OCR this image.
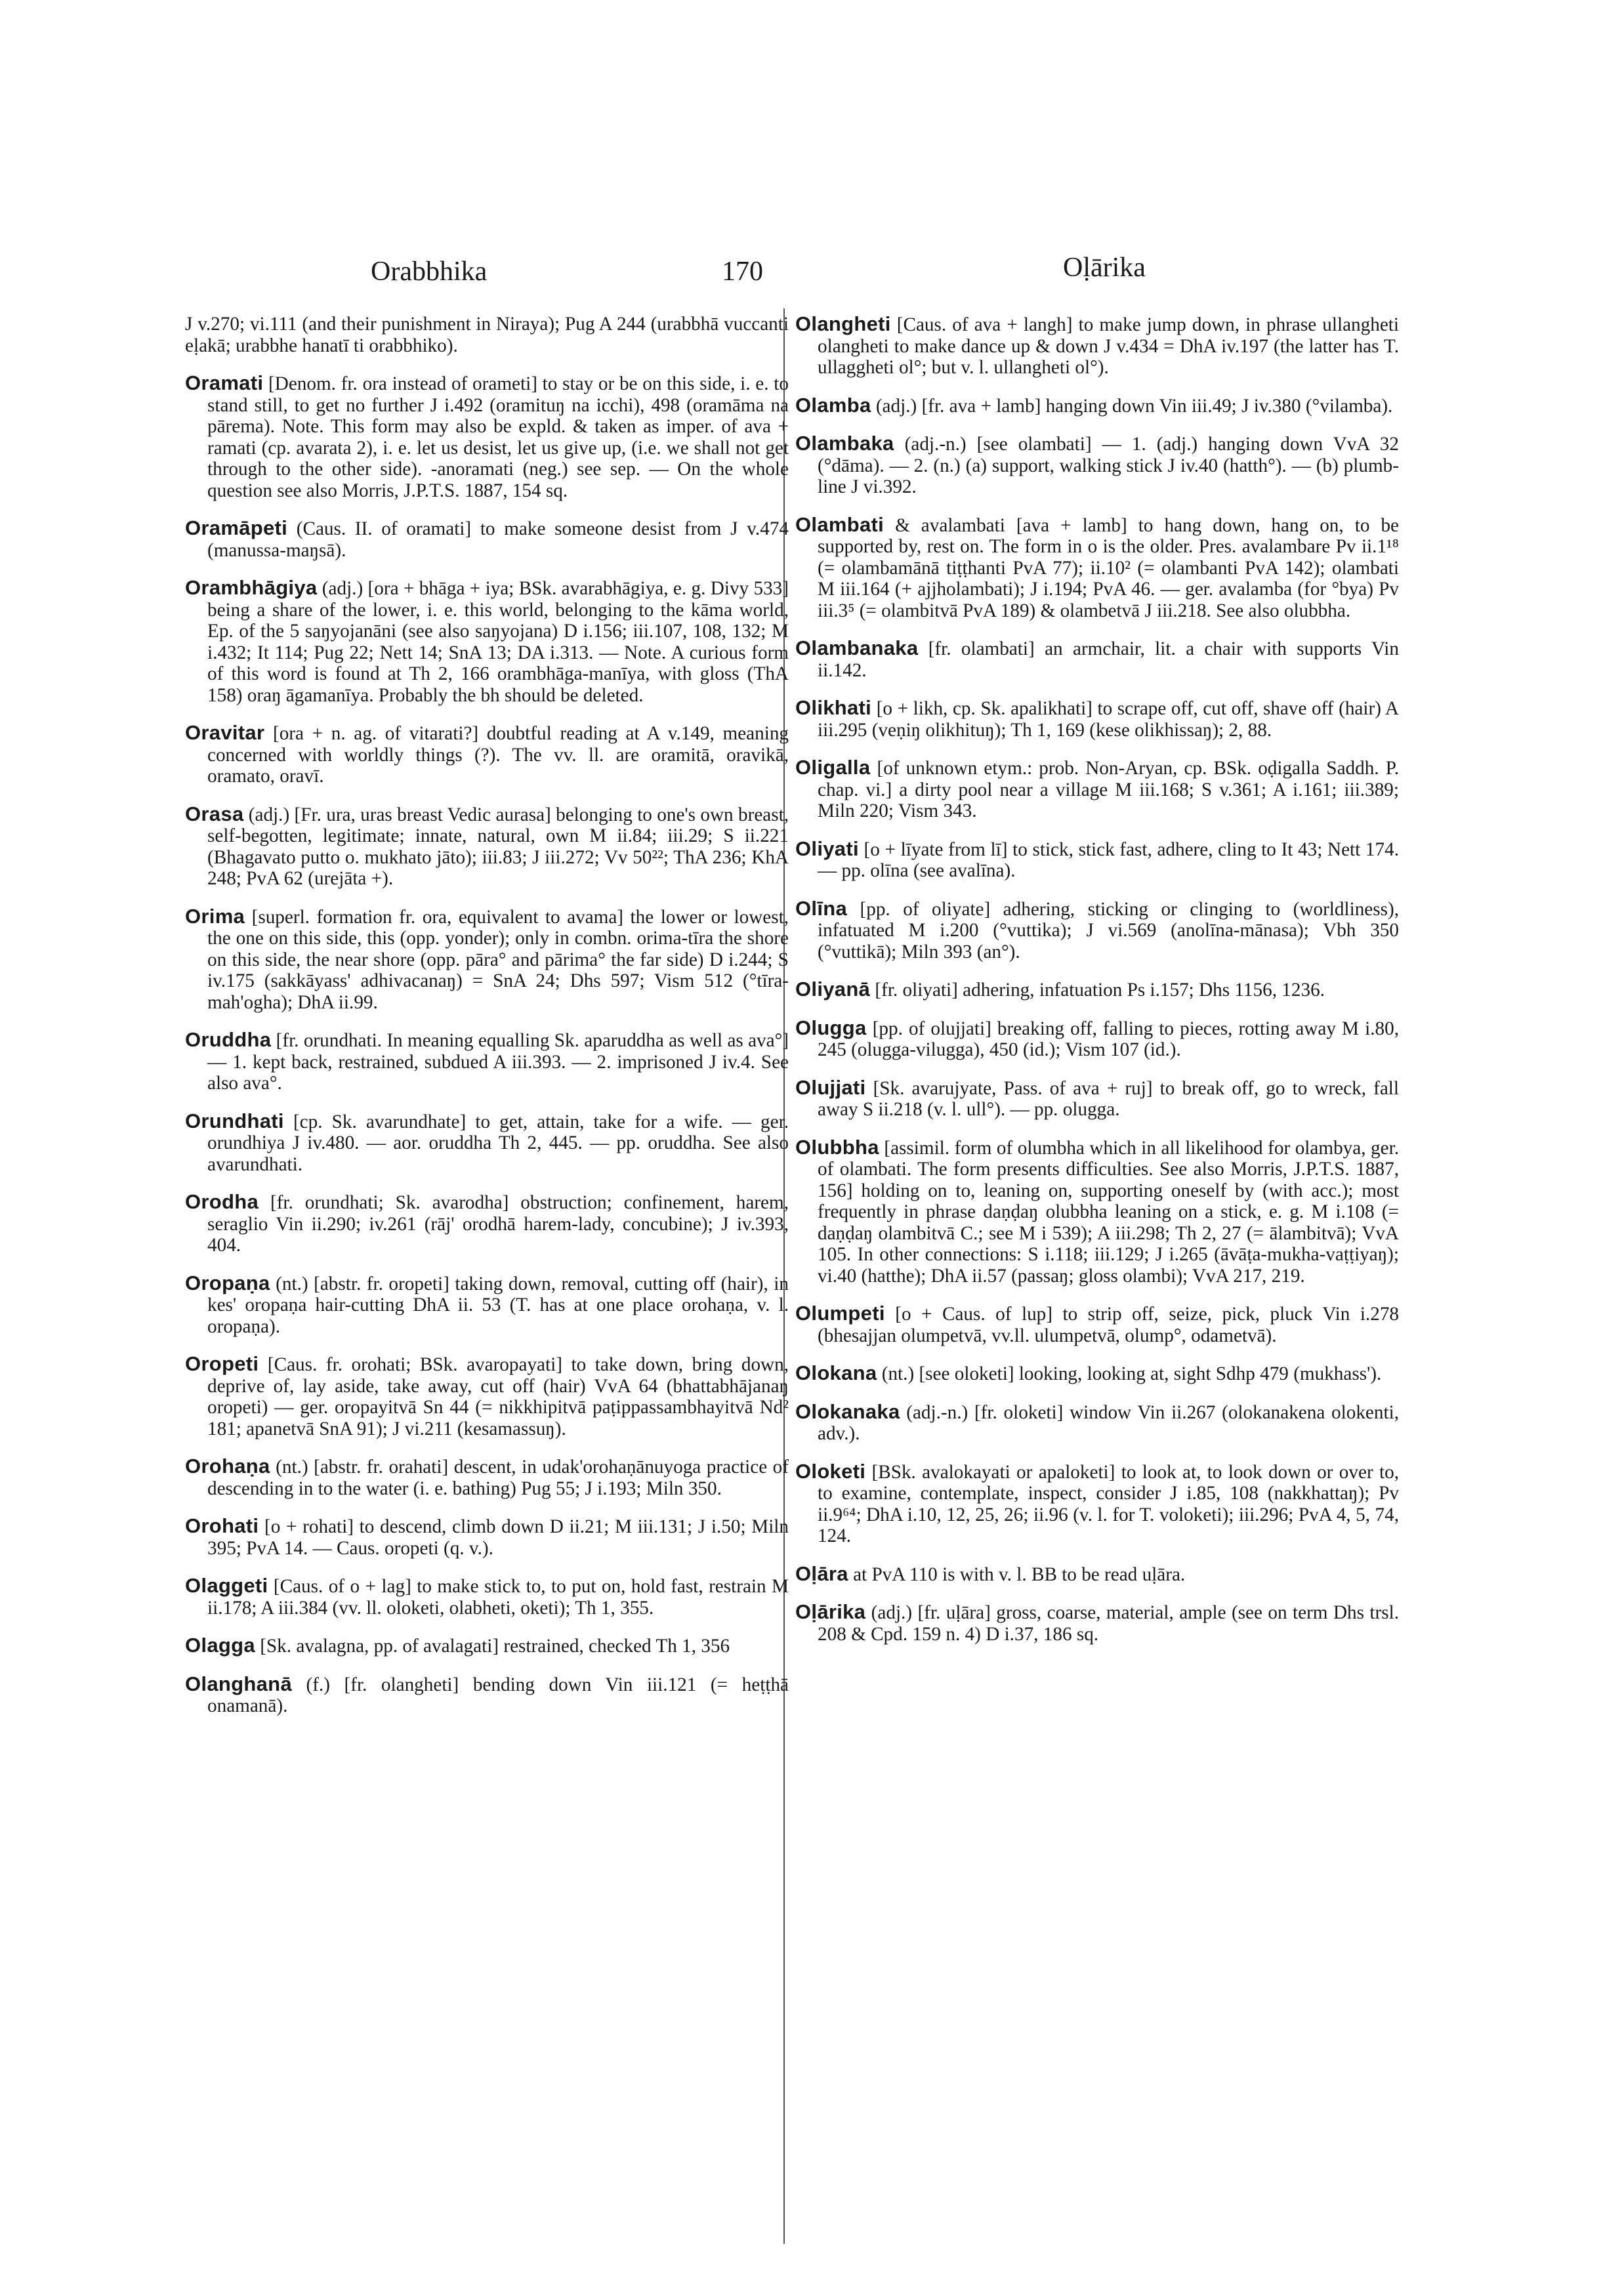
Orabbhika	170	Oḷārika

J v.270; vi.111 (and their punishment in Niraya); Pug A 244 (urabbhā vuccanti eḷakā; urabbhe hanatī ti orabbhiko).

Oramati [Denom. fr. ora instead of orameti] to stay or be on this side, i. e. to stand still, to get no further J i.492 (oramituŋ na icchi), 498 (oramāma na pārema). Note. This form may also be expld. & taken as imper. of ava + ramati (cp. avarata 2), i. e. let us desist, let us give up, (i.e. we shall not get through to the other side). -anoramati (neg.) see sep. — On the whole question see also Morris, J.P.T.S. 1887, 154 sq.

Oramāpeti (Caus. II. of oramati] to make someone desist from J v.474 (manussa-maŋsā).

Orambhāgiya (adj.) [ora + bhāga + iya; BSk. avarabhāgiya, e. g. Divy 533] being a share of the lower, i. e. this world, belonging to the kāma world, Ep. of the 5 saŋyojanāni (see also saŋyojana) D i.156; iii.107, 108, 132; M i.432; It 114; Pug 22; Nett 14; SnA 13; DA i.313. — Note. A curious form of this word is found at Th 2, 166 orambhāga-manīya, with gloss (ThA 158) oraŋ āgamanīya. Probably the bh should be deleted.

Oravitar [ora + n. ag. of vitarati?] doubtful reading at A v.149, meaning concerned with worldly things (?). The vv. ll. are oramitā, oravikā, oramato, oravī.

Orasa (adj.) [Fr. ura, uras breast Vedic aurasa] belonging to one's own breast, self-begotten, legitimate; innate, natural, own M ii.84; iii.29; S ii.221 (Bhagavato putto o. mukhato jāto); iii.83; J iii.272; Vv 50²²; ThA 236; KhA 248; PvA 62 (urejāta +).

Orima [superl. formation fr. ora, equivalent to avama] the lower or lowest, the one on this side, this (opp. yonder); only in combn. orima-tīra the shore on this side, the near shore (opp. pāra° and pārima° the far side) D i.244; S iv.175 (sakkāyass' adhivacanaŋ) = SnA 24; Dhs 597; Vism 512 (°tīra-mah'ogha); DhA ii.99.

Oruddha [fr. orundhati. In meaning equalling Sk. aparuddha as well as ava°] — 1. kept back, restrained, subdued A iii.393. — 2. imprisoned J iv.4. See also ava°.

Orundhati [cp. Sk. avarundhate] to get, attain, take for a wife. — ger. orundhiya J iv.480. — aor. oruddha Th 2, 445. — pp. oruddha. See also avarundhati.

Orodha [fr. orundhati; Sk. avarodha] obstruction; confinement, harem, seraglio Vin ii.290; iv.261 (rāj' orodhā harem-lady, concubine); J iv.393, 404.

Oropaṇa (nt.) [abstr. fr. oropeti] taking down, removal, cutting off (hair), in kes' oropaṇa hair-cutting DhA ii. 53 (T. has at one place orohaṇa, v. l. oropaṇa).

Oropeti [Caus. fr. orohati; BSk. avaropayati] to take down, bring down, deprive of, lay aside, take away, cut off (hair) VvA 64 (bhattabhājanaŋ oropeti) — ger. oropayitvā Sn 44 (= nikkhipitvā paṭippassambhayitvā Nd² 181; apanetvā SnA 91); J vi.211 (kesamassuŋ).

Orohaṇa (nt.) [abstr. fr. orahati] descent, in udak'orohaṇānuyoga practice of descending in to the water (i. e. bathing) Pug 55; J i.193; Miln 350.

Orohati [o + rohati] to descend, climb down D ii.21; M iii.131; J i.50; Miln 395; PvA 14. — Caus. oropeti (q. v.).

Olaggeti [Caus. of o + lag] to make stick to, to put on, hold fast, restrain M ii.178; A iii.384 (vv. ll. oloketi, olabheti, oketi); Th 1, 355.

Olagga [Sk. avalagna, pp. of avalagati] restrained, checked Th 1, 356

Olanghanā (f.) [fr. olangheti] bending down Vin iii.121 (= heṭṭhā onamanā).

Olangheti [Caus. of ava + langh] to make jump down, in phrase ullangheti olangheti to make dance up & down J v.434 = DhA iv.197 (the latter has T. ullaggheti ol°; but v. l. ullangheti ol°).

Olamba (adj.) [fr. ava + lamb] hanging down Vin iii.49; J iv.380 (°vilamba).

Olambaka (adj.-n.) [see olambati] — 1. (adj.) hanging down VvA 32 (°dāma). — 2. (n.) (a) support, walking stick J iv.40 (hatth°). — (b) plumb-line J vi.392.

Olambati & avalambati [ava + lamb] to hang down, hang on, to be supported by, rest on. The form in o is the older. Pres. avalambare Pv ii.1¹⁸ (= olambamānā tiṭṭhanti PvA 77); ii.10² (= olambanti PvA 142); olambati M iii.164 (+ ajjholambati); J i.194; PvA 46. — ger. avalamba (for °bya) Pv iii.3⁵ (= olambitvā PvA 189) & olambetvā J iii.218. See also olubbha.

Olambanaka [fr. olambati] an armchair, lit. a chair with supports Vin ii.142.

Olikhati [o + likh, cp. Sk. apalikhati] to scrape off, cut off, shave off (hair) A iii.295 (veṇiŋ olikhituŋ); Th 1, 169 (kese olikhissaŋ); 2, 88.

Oligalla [of unknown etym.: prob. Non-Aryan, cp. BSk. oḍigalla Saddh. P. chap. vi.] a dirty pool near a village M iii.168; S v.361; A i.161; iii.389; Miln 220; Vism 343.

Oliyati [o + līyate from lī] to stick, stick fast, adhere, cling to It 43; Nett 174. — pp. olīna (see avalīna).

Olīna [pp. of oliyate] adhering, sticking or clinging to (worldliness), infatuated M i.200 (°vuttika); J vi.569 (anolīna-mānasa); Vbh 350 (°vuttikā); Miln 393 (an°).

Oliyanā [fr. oliyati] adhering, infatuation Ps i.157; Dhs 1156, 1236.

Olugga [pp. of olujjati] breaking off, falling to pieces, rotting away M i.80, 245 (olugga-vilugga), 450 (id.); Vism 107 (id.).

Olujjati [Sk. avarujyate, Pass. of ava + ruj] to break off, go to wreck, fall away S ii.218 (v. l. ull°). — pp. olugga.

Olubbha [assimil. form of olumbha which in all likelihood for olambya, ger. of olambati. The form presents difficulties. See also Morris, J.P.T.S. 1887, 156] holding on to, leaning on, supporting oneself by (with acc.); most frequently in phrase daṇḍaŋ olubbha leaning on a stick, e. g. M i.108 (= daṇḍaŋ olambitvā C.; see M i 539); A iii.298; Th 2, 27 (= ālambitvā); VvA 105. In other connections: S i.118; iii.129; J i.265 (āvāṭa-mukha-vaṭṭiyaŋ); vi.40 (hatthe); DhA ii.57 (passaŋ; gloss olambi); VvA 217, 219.

Olumpeti [o + Caus. of lup] to strip off, seize, pick, pluck Vin i.278 (bhesajjan olumpetvā, vv.ll. ulumpetvā, olump°, odametvā).

Olokana (nt.) [see oloketi] looking, looking at, sight Sdhp 479 (mukhass').

Olokanaka (adj.-n.) [fr. oloketi] window Vin ii.267 (olokanakena olokenti, adv.).

Oloketi [BSk. avalokayati or apaloketi] to look at, to look down or over to, to examine, contemplate, inspect, consider J i.85, 108 (nakkhattaŋ); Pv ii.9⁶⁴; DhA i.10, 12, 25, 26; ii.96 (v. l. for T. voloketi); iii.296; PvA 4, 5, 74, 124.

Oḷāra at PvA 110 is with v. l. BB to be read uḷāra.

Oḷārika (adj.) [fr. uḷāra] gross, coarse, material, ample (see on term Dhs trsl. 208 & Cpd. 159 n. 4) D i.37, 186 sq.
